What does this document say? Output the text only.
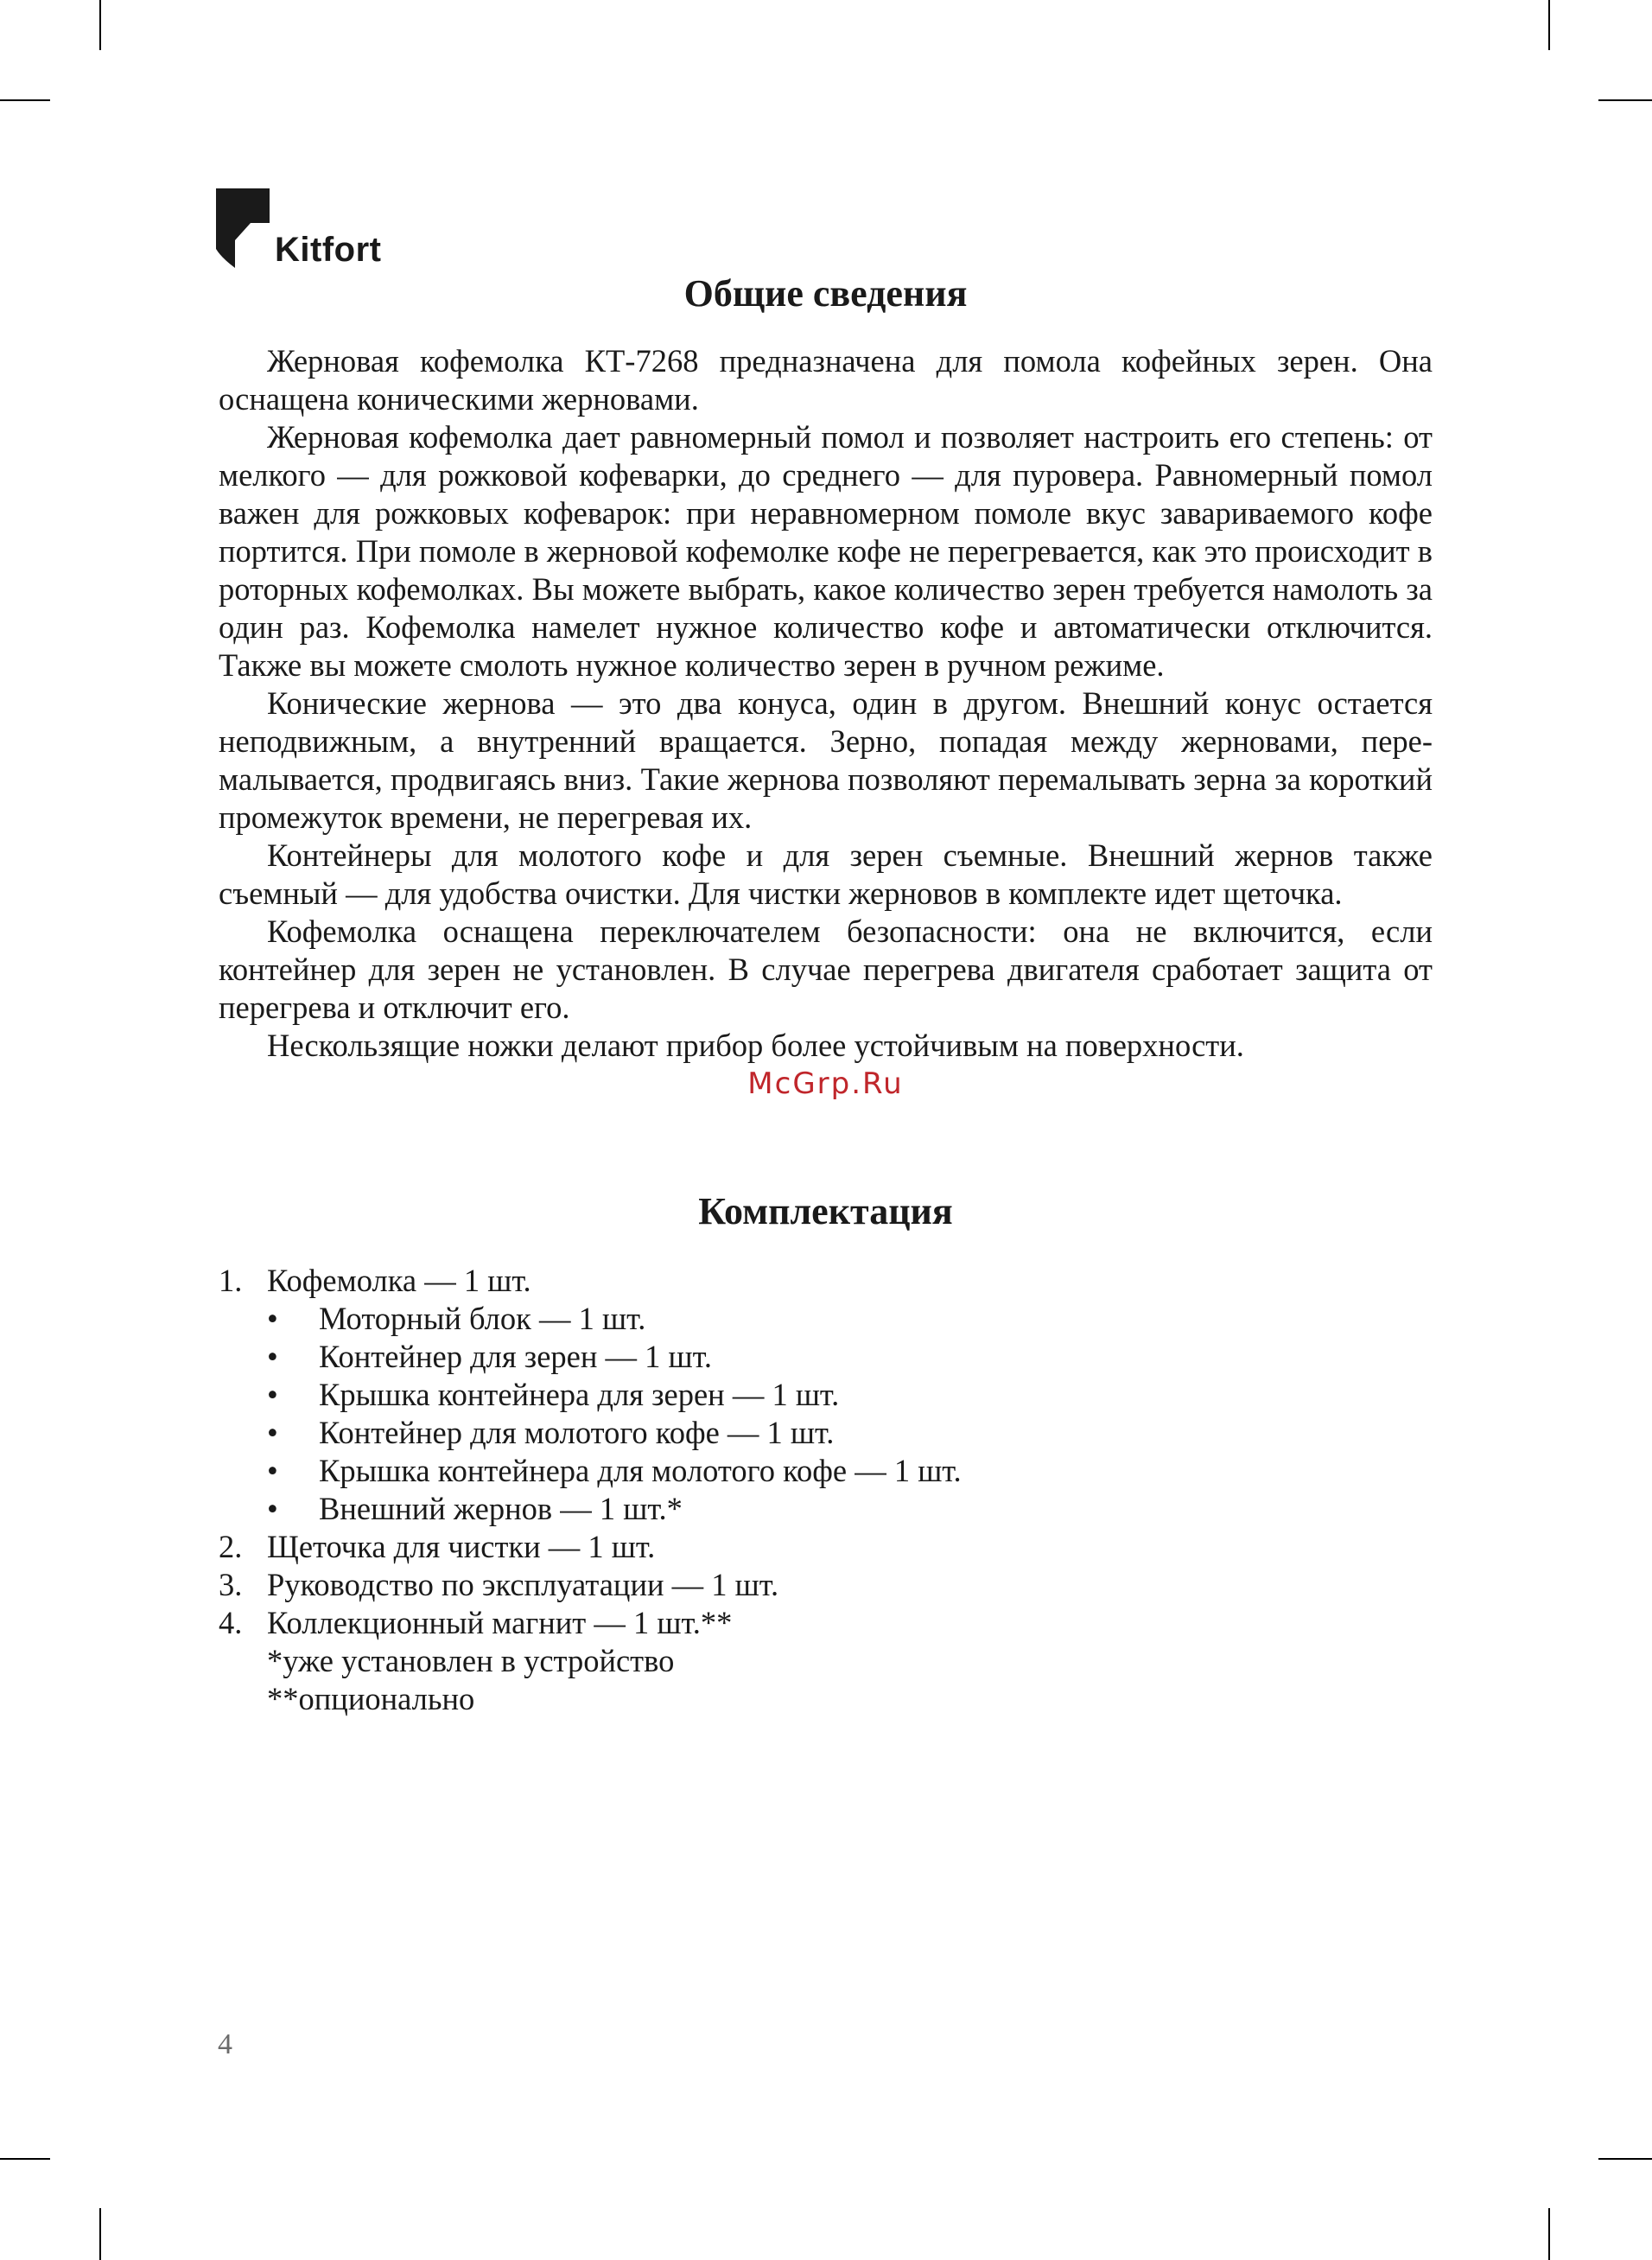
Kitfort
Общие сведения

Жерновая кофемолка КТ-7268 предназначена для помола кофейных зерен. Она оснащена коническими жерновами.

Жерновая кофемолка дает равномерный помол и позволяет настроить его степень: от мелкого — для рожковой кофеварки, до среднего — для пуровера. Равномерный помол важен для рожковых кофеварок: при неравномерном помоле вкус завариваемого кофе портится. При помоле в жерновой кофемолке кофе не перегревается, как это происходит в роторных кофемолках. Вы можете выбрать, какое количество зерен требуется намолоть за один раз. Кофемолка намелет нужное количество кофе и автоматически отключится. Также вы можете смолоть нужное количество зерен в ручном режиме.

Конические жернова — это два конуса, один в другом. Внешний конус остается неподвижным, а внутренний вращается. Зерно, попадая между жерновами, перемалывается, продвигаясь вниз. Такие жернова позволяют перемалывать зерна за короткий промежуток времени, не перегревая их.

Контейнеры для молотого кофе и для зерен съемные. Внешний жернов также съемный — для удобства очистки. Для чистки жерновов в комплекте идет щеточка.

Кофемолка оснащена переключателем безопасности: она не включится, если контейнер для зерен не установлен. В случае перегрева двигателя сработает защита от перегрева и отключит его.

Нескользящие ножки делают прибор более устойчивым на поверхности.

McGrp.Ru
Комплектация
1. Кофемолка — 1 шт.
• Моторный блок — 1 шт.
• Контейнер для зерен — 1 шт.
• Крышка контейнера для зерен — 1 шт.
• Контейнер для молотого кофе — 1 шт.
• Крышка контейнера для молотого кофе — 1 шт.
• Внешний жернов — 1 шт.*
2. Щеточка для чистки — 1 шт.
3. Руководство по эксплуатации — 1 шт.
4. Коллекционный магнит — 1 шт.**
*уже установлен в устройство
**опционально
4
